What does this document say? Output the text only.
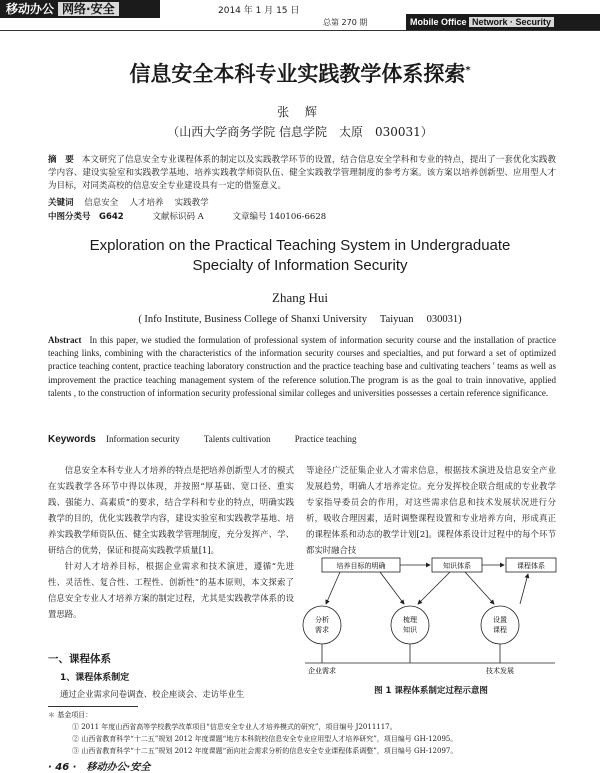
移动办公 网络·安全	2014 年 1 月 15 日
总第 270 期	Mobile Office Network · Security
信息安全本科专业实践教学体系探索*
张 辉
（山西大学商务学院 信息学院　太原　030031）
摘　要 本文研究了信息安全专业课程体系的制定以及实践教学环节的设置，结合信息安全学科和专业的特点，提出了一套优化实践教学内容、建设实验室和实践教学基地、培养实践教学师资队伍、健全实践教学管理制度的参考方案。该方案以培养创新型、应用型人才为目标，对同类高校的信息安全专业建设具有一定的借鉴意义。
关键词 信息安全  人才培养  实践教学
中图分类号　G642	文献标识码 A	文章编号 140106-6628
Exploration on the Practical Teaching System in Undergraduate
Specialty of Information Security
Zhang Hui
( Info Institute, Business College of Shanxi University　 Taiyuan　 030031)
Abstract In this paper, we studied the formulation of professional system of information security course and the installation of practice teaching links, combining with the characteristics of the information security courses and specialties, and put forward a set of optimized practice teaching content, practice teaching laboratory construction and the practice teaching base and cultivating teachers ' teams as well as improvement the practice teaching management system of the reference solution.The program is as the goal to train innovative, applied talents , to the construction of information security professional similar colleges and universities possesses a certain reference significance.
Keywords Information security	Talents cultivation	Practice teaching

信息安全本科专业人才培养的特点是把培养创新型人才的模式在实践教学各环节中得以体现，并按照“厚基础、宽口径、重实践、强能力、高素质”的要求，结合学科和专业的特点，明确实践教学的目的，优化实践教学内容，建设实验室和实践教学基地、培养实践教学师资队伍、健全实践教学管理制度，充分发挥产、学、研结合的优势，保证和提高实践教学质量[1]。

针对人才培养目标，根据企业需求和技术演进，遵循“先进性、灵活性、复合性、工程性、创新性”的基本原则，本文探索了信息安全专业人才培养方案的制定过程，尤其是实践教学体系的设置思路。

一、课程体系
1、课程体系制定
通过企业需求问卷调查、校企座谈会、走访毕业生
等途径广泛征集企业人才需求信息，根据技术演进及信息安全产业发展趋势，明确人才培养定位。充分发挥校企联合组成的专业教学专家指导委员会的作用，对这些需求信息和技术发展状况进行分析，吸收合理因素，适时调整课程设置和专业培养方向，形成真正的课程体系和动态的教学计划[2]。课程体系设计过程中的每个环节都实时融合技
培养目标的明确	知识体系	课程体系
分析
需求
梳理
知识
设置
课程
企业需求	技术发展
图 1 课程体系制定过程示意图
＊ 基金项目：
① 2011 年度山西省高等学校教学改革项目“信息安全专业人才培养模式的研究”，项目编号 J2011117。
② 山西省教育科学“十二五”规划 2012 年度课题“地方本科院校信息安全专业应用型人才培养研究”，项目编号 GH-12095。
③ 山西省教育科学“十二五”规划 2012 年度课题“面向社会需求分析的信息安全专业课程体系调整”，项目编号 GH-12097。
· 46 ·　移动办公·安全
